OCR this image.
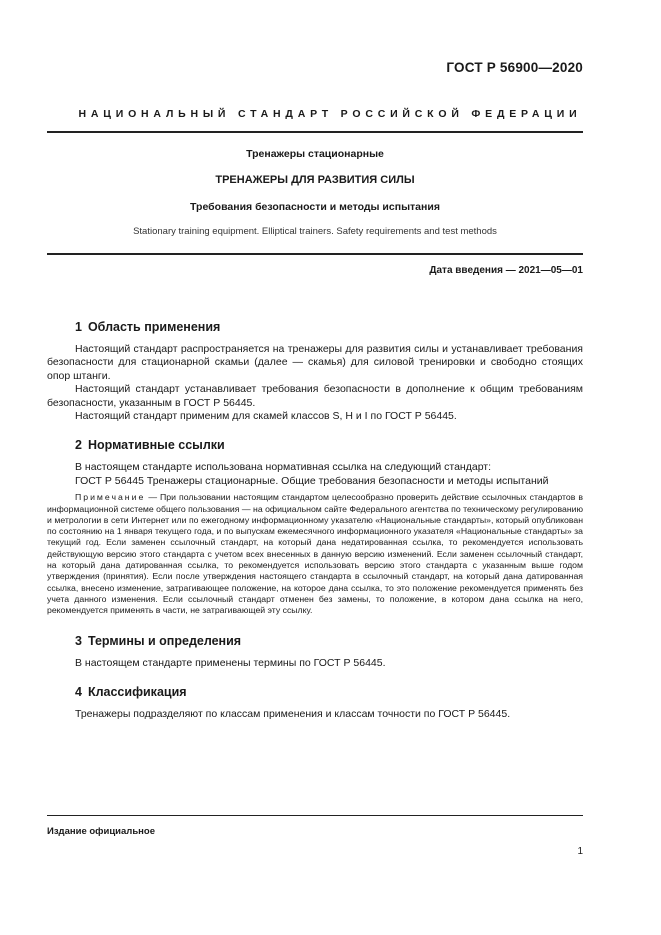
ГОСТ Р 56900—2020
НАЦИОНАЛЬНЫЙ СТАНДАРТ РОССИЙСКОЙ ФЕДЕРАЦИИ
Тренажеры стационарные
ТРЕНАЖЕРЫ ДЛЯ РАЗВИТИЯ СИЛЫ
Требования безопасности и методы испытания
Stationary training equipment. Elliptical trainers. Safety requirements and test methods
Дата введения — 2021—05—01
1 Область применения

Настоящий стандарт распространяется на тренажеры для развития силы и устанавливает требования безопасности для стационарной скамьи (далее — скамья) для силовой тренировки и свободно стоящих опор штанги.

Настоящий стандарт устанавливает требования безопасности в дополнение к общим требованиям безопасности, указанным в ГОСТ Р 56445.

Настоящий стандарт применим для скамей классов S, H и I по ГОСТ Р 56445.

2 Нормативные ссылки

В настоящем стандарте использована нормативная ссылка на следующий стандарт:

ГОСТ Р 56445 Тренажеры стационарные. Общие требования безопасности и методы испытаний
Примечание — При пользовании настоящим стандартом целесообразно проверить действие ссылочных стандартов в информационной системе общего пользования — на официальном сайте Федерального агентства по техническому регулированию и метрологии в сети Интернет или по ежегодному информационному указателю «Национальные стандарты», который опубликован по состоянию на 1 января текущего года, и по выпускам ежемесячного информационного указателя «Национальные стандарты» за текущий год. Если заменен ссылочный стандарт, на который дана недатированная ссылка, то рекомендуется использовать действующую версию этого стандарта с учетом всех внесенных в данную версию изменений. Если заменен ссылочный стандарт, на который дана датированная ссылка, то рекомендуется использовать версию этого стандарта с указанным выше годом утверждения (принятия). Если после утверждения настоящего стандарта в ссылочный стандарт, на который дана датированная ссылка, внесено изменение, затрагивающее положение, на которое дана ссылка, то это положение рекомендуется применять без учета данного изменения. Если ссылочный стандарт отменен без замены, то положение, в котором дана ссылка на него, рекомендуется применять в части, не затрагивающей эту ссылку.
3 Термины и определения

В настоящем стандарте применены термины по ГОСТ Р 56445.

4 Классификация

Тренажеры подразделяют по классам применения и классам точности по ГОСТ Р 56445.

Издание официальное
1
